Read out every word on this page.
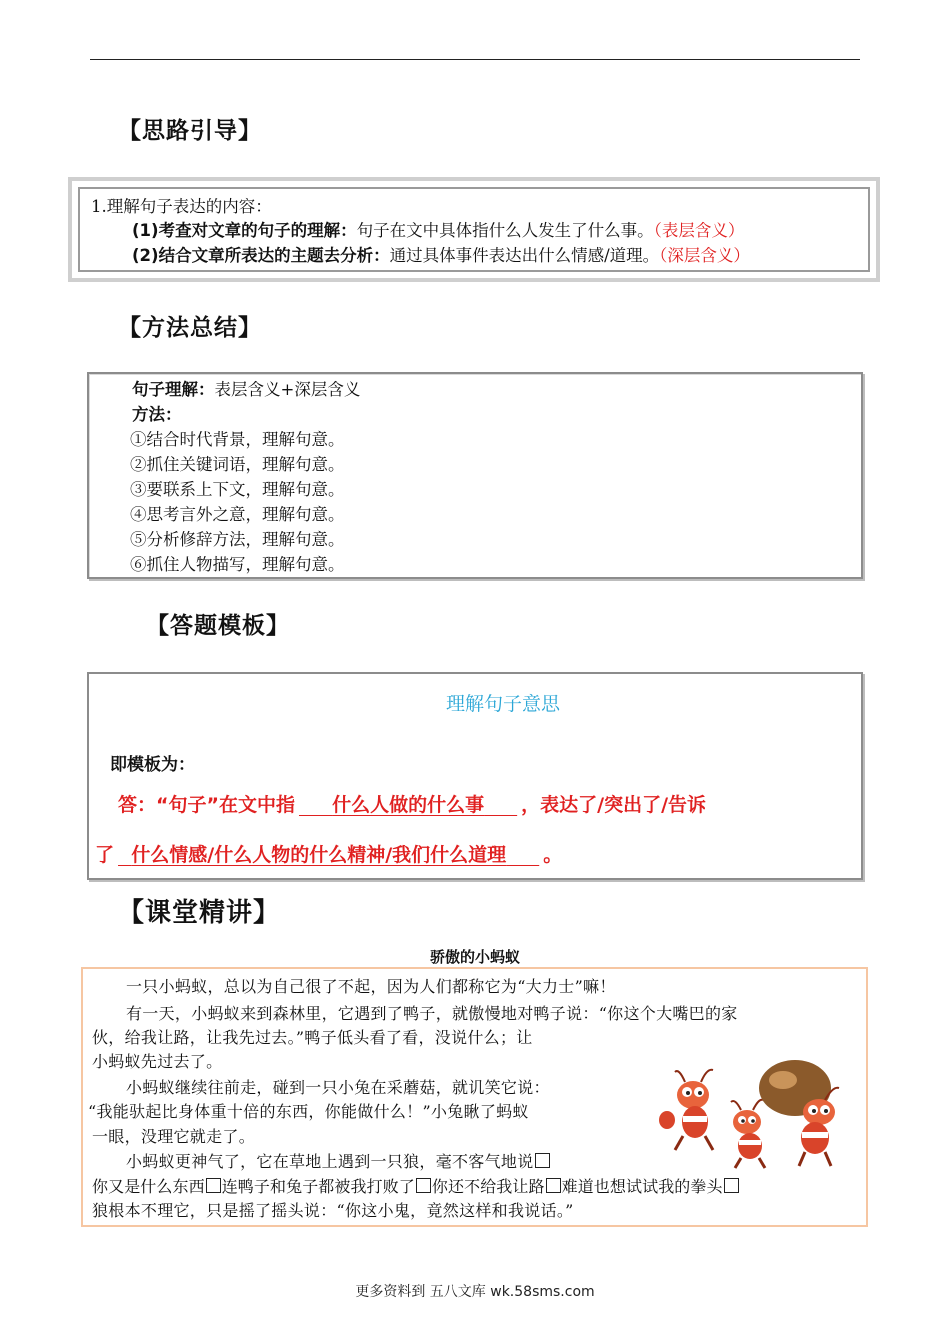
【思路引导】
1.理解句子表达的内容：
(1)考查对文章的句子的理解：句子在文中具体指什么人发生了什么事。（表层含义）
(2)结合文章所表达的主题去分析：通过具体事件表达出什么情感/道理。（深层含义）
【方法总结】
句子理解：表层含义+深层含义
方法：
①结合时代背景，理解句意。
②抓住关键词语，理解句意。
③要联系上下文，理解句意。
④思考言外之意，理解句意。
⑤分析修辞方法，理解句意。
⑥抓住人物描写，理解句意。
【答题模板】
理解句子意思
即模板为：
答：“句子”在文中指 什么人做的什么事 ，表达了/突出了/告诉
了 什么情感/什么人物的什么精神/我们什么道理 。
【课堂精讲】
骄傲的小蚂蚁
一只小蚂蚁，总以为自己很了不起，因为人们都称它为“大力士”嘛！
有一天，小蚂蚁来到森林里，它遇到了鸭子，就傲慢地对鸭子说：“你这个大嘴巴的家
伙，给我让路，让我先过去。”鸭子低头看了看，没说什么；让
小蚂蚁先过去了。
小蚂蚁继续往前走，碰到一只小兔在采蘑菇，就讥笑它说：
“我能驮起比身体重十倍的东西，你能做什么！”小兔瞅了蚂蚁
一眼，没理它就走了。
小蚂蚁更神气了，它在草地上遇到一只狼，毫不客气地说
你又是什么东西 连鸭子和兔子都被我打败了 你还不给我让路 难道也想试试我的拳头
狼根本不理它，只是摇了摇头说：“你这小鬼，竟然这样和我说话。”
更多资料到 五八文库 wk.58sms.com
